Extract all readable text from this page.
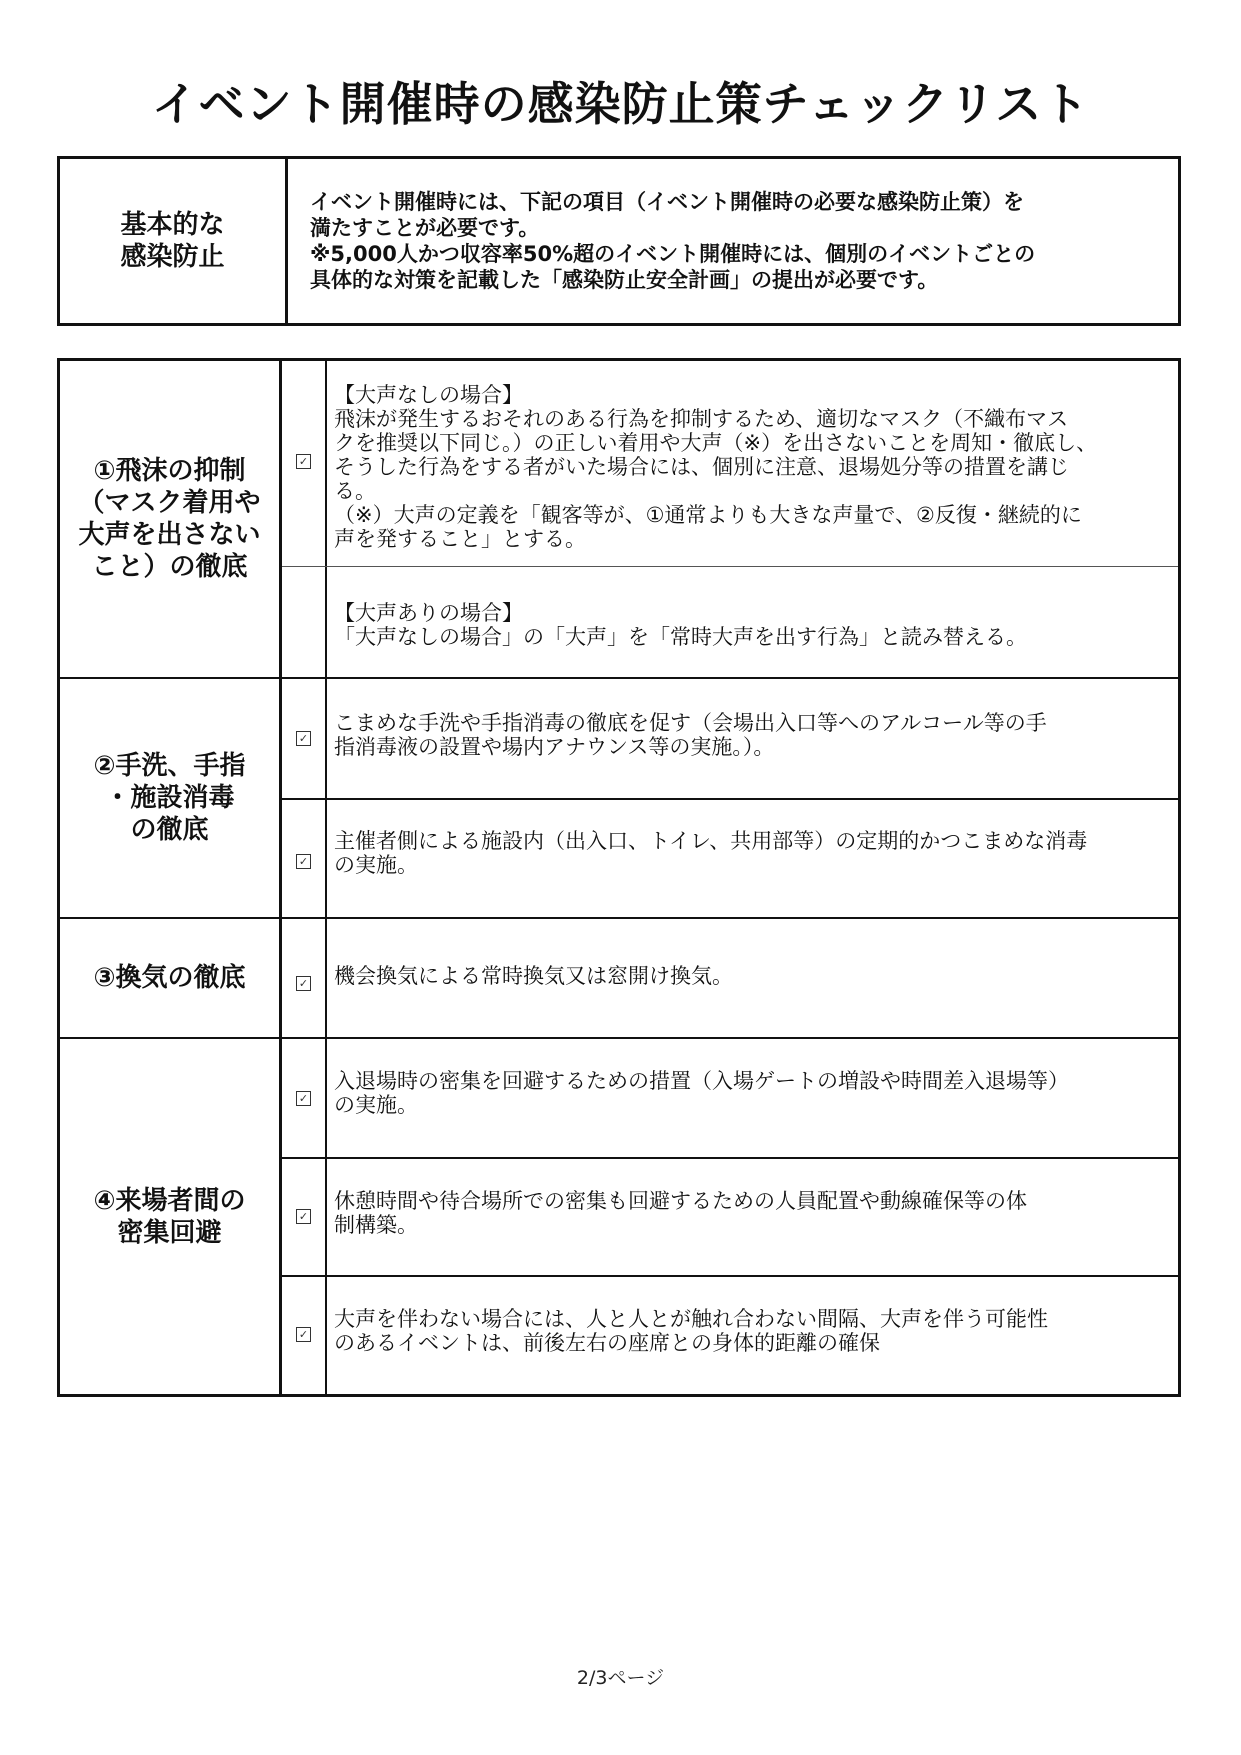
イベント開催時の感染防止策チェックリスト
基本的な
感染防止

イベント開催時には、下記の項目（イベント開催時の必要な感染防止策）を

満たすことが必要です。

※5,000人かつ収容率50%超のイベント開催時には、個別のイベントごとの

具体的な対策を記載した「感染防止安全計画」の提出が必要です。

①飛沫の抑制
（マスク着用や
大声を出さない
こと）の徹底
✓

【大声なしの場合】

飛沫が発生するおそれのある行為を抑制するため、適切なマスク（不織布マス

クを推奨以下同じ。）の正しい着用や大声（※）を出さないことを周知・徹底し、

そうした行為をする者がいた場合には、個別に注意、退場処分等の措置を講じ

る。

（※）大声の定義を「観客等が、①通常よりも大きな声量で、②反復・継続的に

声を発すること」とする。

【大声ありの場合】

「大声なしの場合」の「大声」を「常時大声を出す行為」と読み替える。

②手洗、手指
・施設消毒
の徹底
✓

こまめな手洗や手指消毒の徹底を促す（会場出入口等へのアルコール等の手

指消毒液の設置や場内アナウンス等の実施。）。

✓

主催者側による施設内（出入口、トイレ、共用部等）の定期的かつこまめな消毒

の実施。

③換気の徹底	✓ 機会換気による常時換気又は窓開け換気。

④来場者間の
密集回避
✓

入退場時の密集を回避するための措置（入場ゲートの増設や時間差入退場等）

の実施。

✓

休憩時間や待合場所での密集も回避するための人員配置や動線確保等の体

制構築。

✓

大声を伴わない場合には、人と人とが触れ合わない間隔、大声を伴う可能性

のあるイベントは、前後左右の座席との身体的距離の確保

2/3ページ
